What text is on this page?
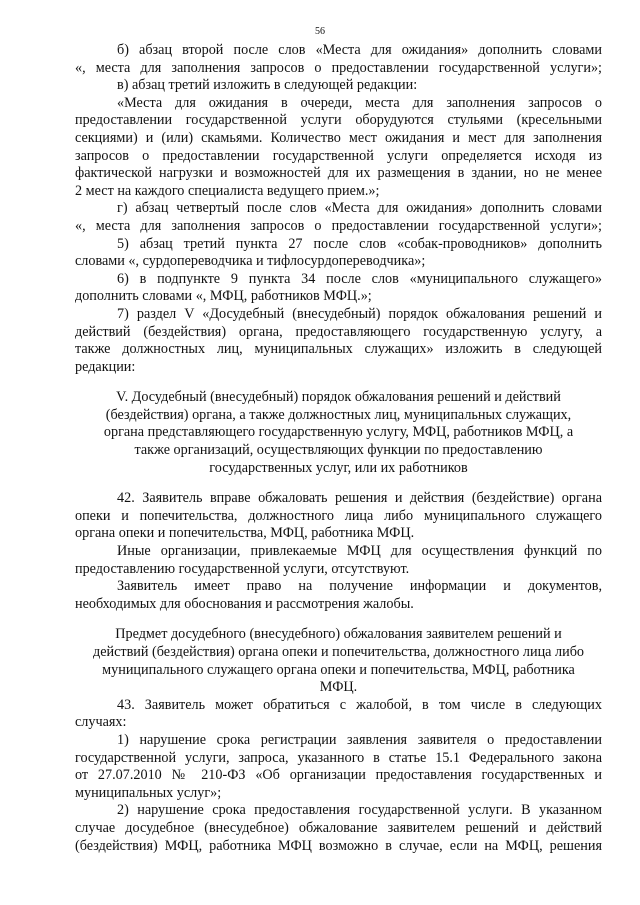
56

б) абзац второй после слов «Места для ожидания» дополнить словами

«, места для заполнения запросов о предоставлении государственной услуги»;

в) абзац третий изложить в следующей редакции:

«Места для ожидания в очереди, места для заполнения запросов о

предоставлении государственной услуги оборудуются стульями (кресельными

секциями) и (или) скамьями. Количество мест ожидания и мест для заполнения

запросов о предоставлении государственной услуги определяется исходя из

фактической нагрузки и возможностей для их размещения в здании, но не менее

2 мест на каждого специалиста ведущего прием.»;

г) абзац четвертый после слов «Места для ожидания» дополнить словами

«, места для заполнения запросов о предоставлении государственной услуги»;

5) абзац третий пункта 27 после слов «собак-проводников» дополнить

словами «, сурдопереводчика и тифлосурдопереводчика»;

6) в подпункте 9 пункта 34 после слов «муниципального служащего»

дополнить словами «, МФЦ, работников МФЦ.»;

7) раздел V «Досудебный (внесудебный) порядок обжалования решений и

действий (бездействия) органа, предоставляющего государственную услугу, а

также должностных лиц, муниципальных служащих» изложить в следующей

редакции:

V. Досудебный (внесудебный) порядок обжалования решений и действий

(бездействия) органа, а также должностных лиц, муниципальных служащих,

органа представляющего государственную услугу, МФЦ, работников МФЦ, а

также организаций, осуществляющих функции по предоставлению

государственных услуг, или их работников

42. Заявитель вправе обжаловать решения и действия (бездействие) органа

опеки и попечительства, должностного лица либо муниципального служащего

органа опеки и попечительства, МФЦ, работника МФЦ.

Иные организации, привлекаемые МФЦ для осуществления функций по

предоставлению государственной услуги, отсутствуют.

Заявитель имеет право на получение информации и документов,

необходимых для обоснования и рассмотрения жалобы.

Предмет досудебного (внесудебного) обжалования заявителем решений и

действий (бездействия) органа опеки и попечительства, должностного лица либо

муниципального служащего органа опеки и попечительства, МФЦ, работника

МФЦ.

43. Заявитель может обратиться с жалобой, в том числе в следующих

случаях:

1) нарушение срока регистрации заявления заявителя о предоставлении

государственной услуги, запроса, указанного в статье 15.1 Федерального закона

от 27.07.2010 № 210-ФЗ «Об организации предоставления государственных и

муниципальных услуг»;

2) нарушение срока предоставления государственной услуги. В указанном

случае досудебное (внесудебное) обжалование заявителем решений и действий

(бездействия) МФЦ, работника МФЦ возможно в случае, если на МФЦ, решения
